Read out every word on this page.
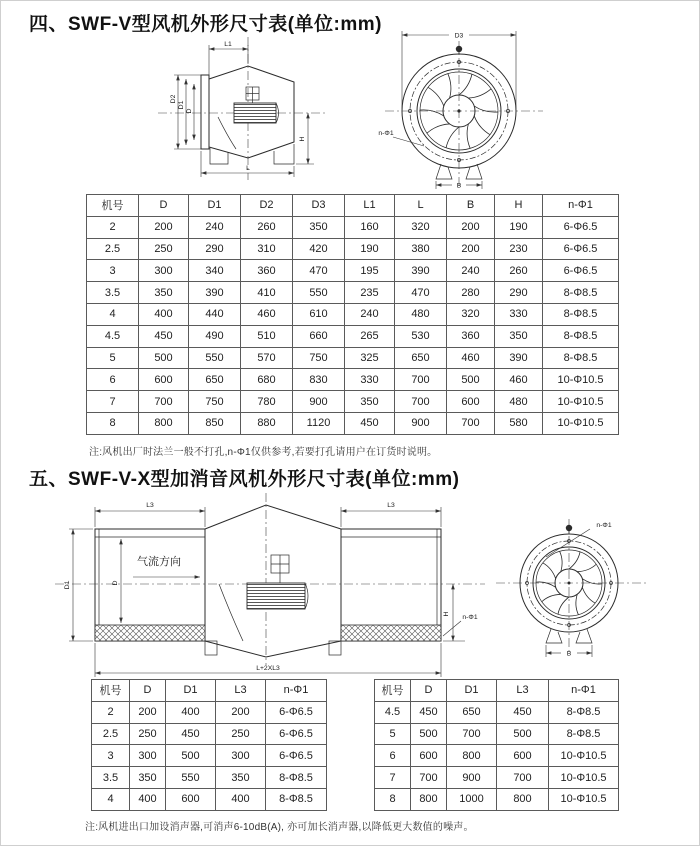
四、SWF-V型风机外形尺寸表(单位:mm)
L1
D2
D1
D
H
L
D3
B
n-Φ1
机号	D	D1	D2	D3	L1	L	B	H	n-Φ1
2	200	240	260	350	160	320	200	190	6-Φ6.5
2.5	250	290	310	420	190	380	200	230	6-Φ6.5
3	300	340	360	470	195	390	240	260	6-Φ6.5
3.5	350	390	410	550	235	470	280	290	8-Φ8.5
4	400	440	460	610	240	480	320	330	8-Φ8.5
4.5	450	490	510	660	265	530	360	350	8-Φ8.5
5	500	550	570	750	325	650	460	390	8-Φ8.5
6	600	650	680	830	330	700	500	460	10-Φ10.5
7	700	750	780	900	350	700	600	480	10-Φ10.5
8	800	850	880	1120	450	900	700	580	10-Φ10.5
注:风机出厂时法兰一般不打孔,n-Φ1仅供参考,若要打孔请用户在订货时说明。
五、SWF-V-X型加消音风机外形尺寸表(单位:mm)
气流方向
L3	L3
D1	D
H n-Φ1
L+2XL3
n-Φ1
B
机号	D	D1	L3	n-Φ1
2	200	400	200	6-Φ6.5
2.5	250	450	250	6-Φ6.5
3	300	500	300	6-Φ6.5
3.5	350	550	350	8-Φ8.5
4	400	600	400	8-Φ8.5
机号	D	D1	L3	n-Φ1
4.5	450	650	450	8-Φ8.5
5	500	700	500	8-Φ8.5
6	600	800	600	10-Φ10.5
7	700	900	700	10-Φ10.5
8	800	1000	800	10-Φ10.5
注:风机进出口加设消声器,可消声6-10dB(A), 亦可加长消声器,以降低更大数值的噪声。
